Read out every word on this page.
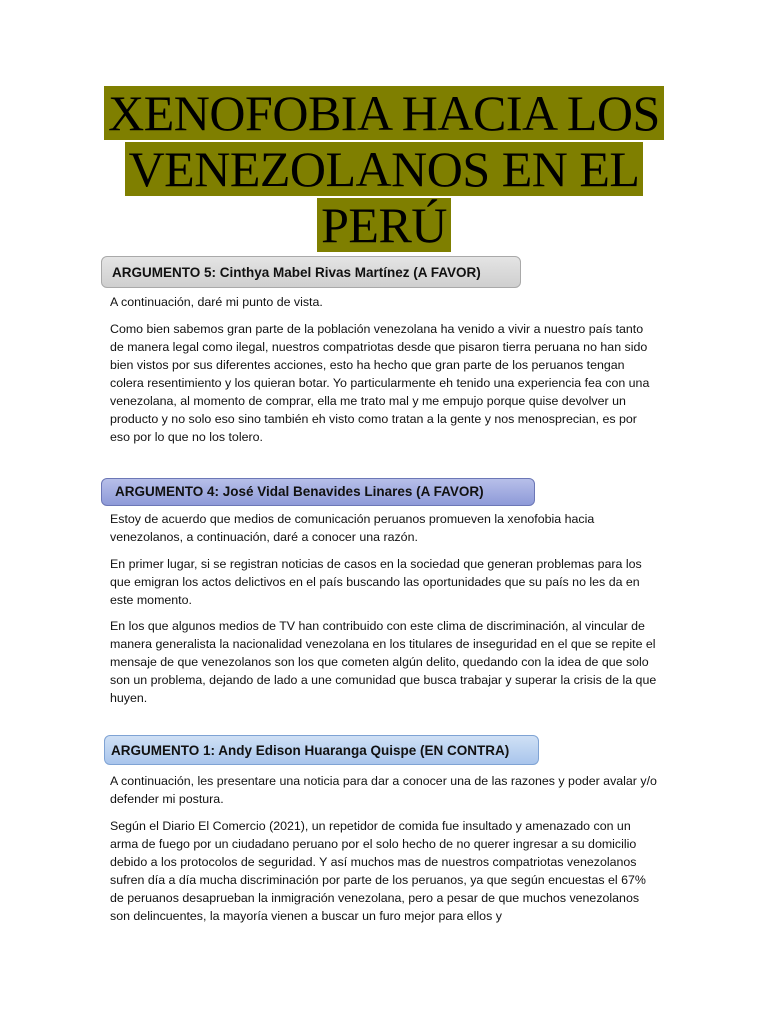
XENOFOBIA HACIA LOS
VENEZOLANOS EN EL
PERÚ
ARGUMENTO 5: Cinthya Mabel Rivas Martínez (A FAVOR)

A continuación, daré mi punto de vista.

Como bien sabemos gran parte de la población venezolana ha venido a vivir a nuestro país tanto de manera legal como ilegal, nuestros compatriotas desde que pisaron tierra peruana no han sido bien vistos por sus diferentes acciones, esto ha hecho que gran parte de los peruanos tengan colera resentimiento y los quieran botar. Yo particularmente eh tenido una experiencia fea con una venezolana, al momento de comprar, ella me trato mal y me empujo porque quise devolver un producto y no solo eso sino también eh visto como tratan a la gente y nos menosprecian, es por eso por lo que no los tolero.

ARGUMENTO 4: José Vidal Benavides Linares (A FAVOR)

Estoy de acuerdo que medios de comunicación peruanos promueven la xenofobia hacia venezolanos, a continuación, daré a conocer una razón.

En primer lugar, si se registran noticias de casos en la sociedad que generan problemas para los que emigran los actos delictivos en el país buscando las oportunidades que su país no les da en este momento.

En los que algunos medios de TV han contribuido con este clima de discriminación, al vincular de manera generalista la nacionalidad venezolana en los titulares de inseguridad en el que se repite el mensaje de que venezolanos son los que cometen algún delito, quedando con la idea de que solo son un problema, dejando de lado a une comunidad que busca trabajar y superar la crisis de la que huyen.

ARGUMENTO 1: Andy Edison Huaranga Quispe (EN CONTRA)

A continuación, les presentare una noticia para dar a conocer una de las razones y poder avalar y/o defender mi postura.

Según el Diario El Comercio (2021), un repetidor de comida fue insultado y amenazado con un arma de fuego por un ciudadano peruano por el solo hecho de no querer ingresar a su domicilio debido a los protocolos de seguridad. Y así muchos mas de nuestros compatriotas venezolanos sufren día a día mucha discriminación por parte de los peruanos, ya que según encuestas el 67% de peruanos desaprueban la inmigración venezolana, pero a pesar de que muchos venezolanos son delincuentes, la mayoría vienen a buscar un furo mejor para ellos y
